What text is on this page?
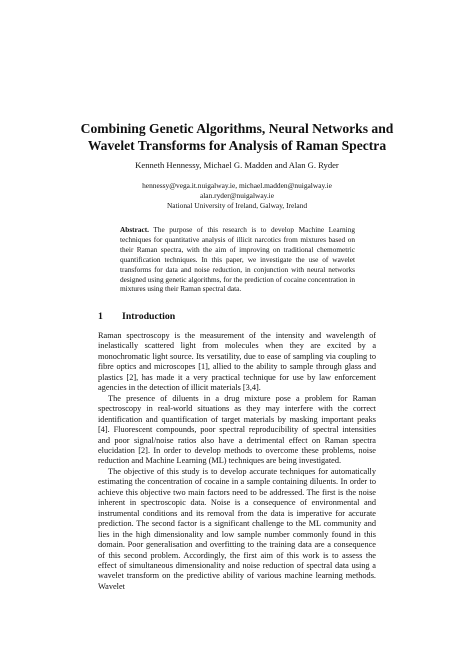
Combining Genetic Algorithms, Neural Networks and
Wavelet Transforms for Analysis of Raman Spectra
Kenneth Hennessy, Michael G. Madden and Alan G. Ryder
hennessy@vega.it.nuigalway.ie, michael.madden@nuigalway.ie
alan.ryder@nuigalway.ie
National University of Ireland, Galway, Ireland

Abstract. The purpose of this research is to develop Machine Learning techniques for quantitative analysis of illicit narcotics from mixtures based on their Raman spectra, with the aim of improving on traditional chemometric quantification techniques. In this paper, we investigate the use of wavelet transforms for data and noise reduction, in conjunction with neural networks designed using genetic algorithms, for the prediction of cocaine concentration in mixtures using their Raman spectral data.

1 Introduction

Raman spectroscopy is the measurement of the intensity and wavelength of inelastically scattered light from molecules when they are excited by a monochromatic light source. Its versatility, due to ease of sampling via coupling to fibre optics and microscopes [1], allied to the ability to sample through glass and plastics [2], has made it a very practical technique for use by law enforcement agencies in the detection of illicit materials [3,4].

The presence of diluents in a drug mixture pose a problem for Raman spectroscopy in real-world situations as they may interfere with the correct identification and quantification of target materials by masking important peaks [4]. Fluorescent compounds, poor spectral reproducibility of spectral intensities and poor signal/noise ratios also have a detrimental effect on Raman spectra elucidation [2]. In order to develop methods to overcome these problems, noise reduction and Machine Learning (ML) techniques are being investigated.

The objective of this study is to develop accurate techniques for automatically estimating the concentration of cocaine in a sample containing diluents. In order to achieve this objective two main factors need to be addressed. The first is the noise inherent in spectroscopic data. Noise is a consequence of environmental and instrumental conditions and its removal from the data is imperative for accurate prediction. The second factor is a significant challenge to the ML community and lies in the high dimensionality and low sample number commonly found in this domain. Poor generalisation and overfitting to the training data are a consequence of this second problem. Accordingly, the first aim of this work is to assess the effect of simultaneous dimensionality and noise reduction of spectral data using a wavelet transform on the predictive ability of various machine learning methods. Wavelet
